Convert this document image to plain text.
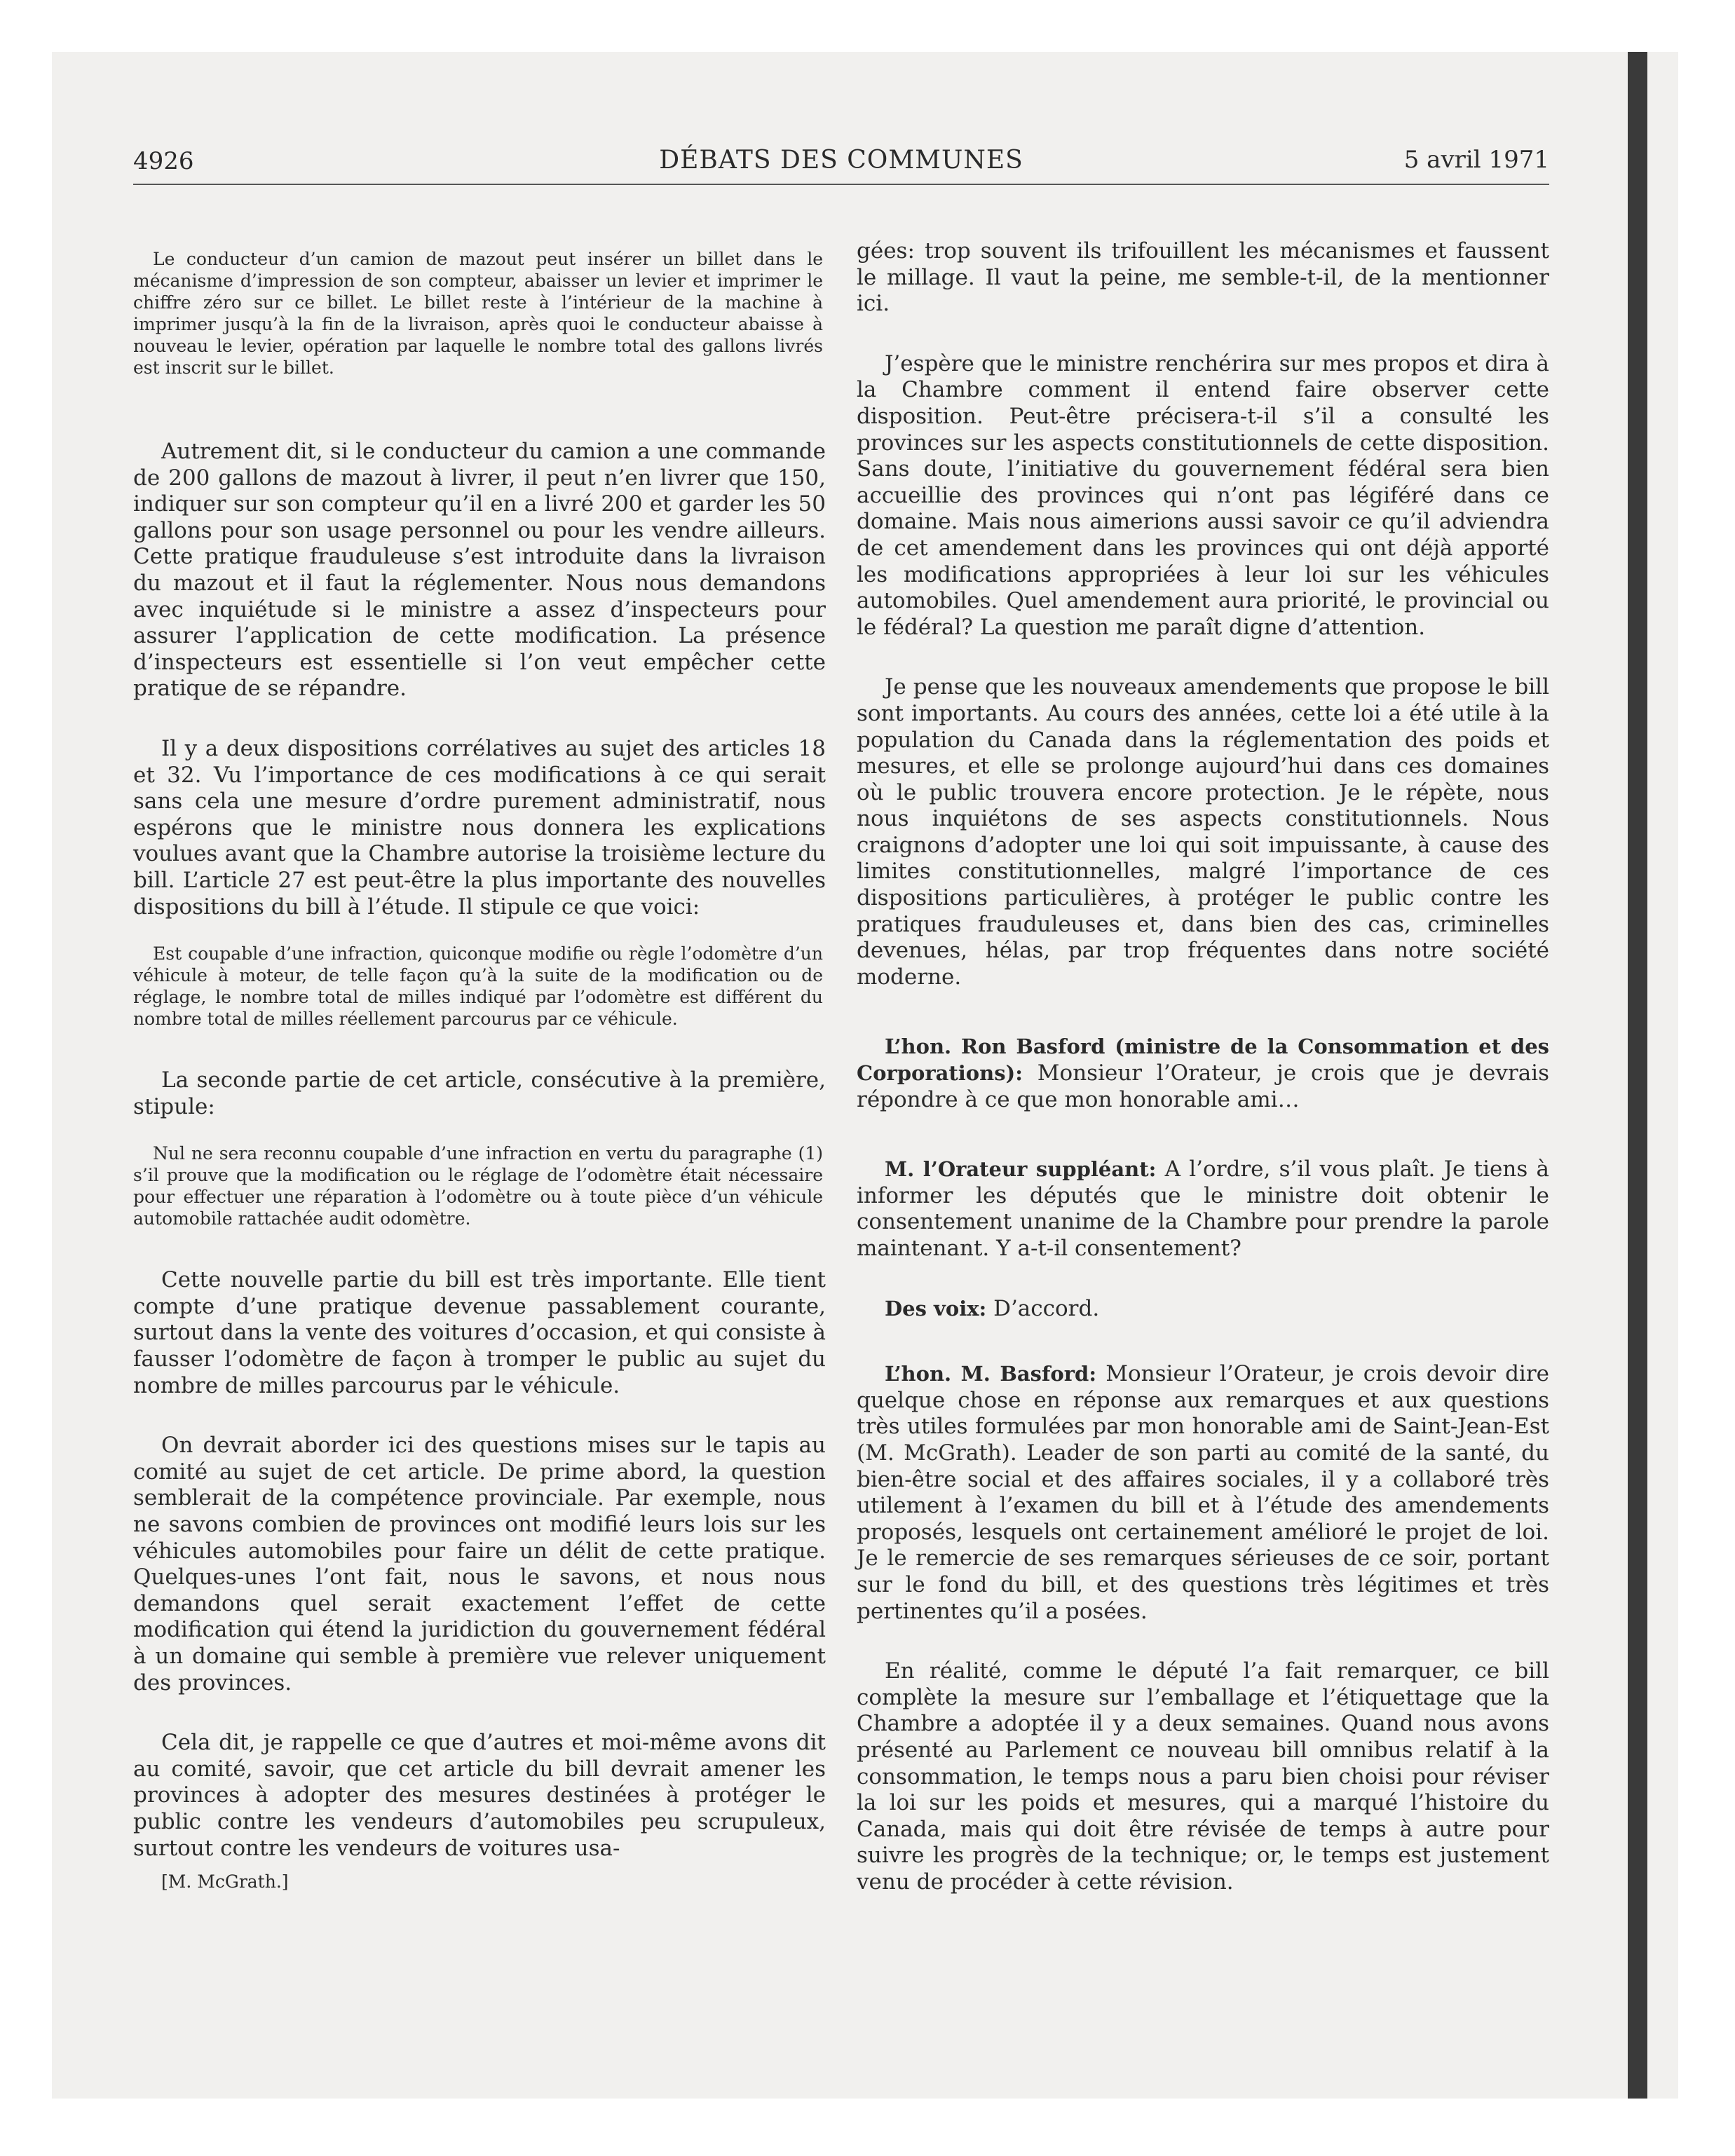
4926	DÉBATS DES COMMUNES	5 avril 1971
Le conducteur d’un camion de mazout peut insérer un billet dans le mécanisme d’impression de son compteur, abaisser un levier et imprimer le chiffre zéro sur ce billet. Le billet reste à l’intérieur de la machine à imprimer jusqu’à la fin de la livraison, après quoi le conducteur abaisse à nouveau le levier, opération par laquelle le nombre total des gallons livrés est inscrit sur le billet.

Autrement dit, si le conducteur du camion a une commande de 200 gallons de mazout à livrer, il peut n’en livrer que 150, indiquer sur son compteur qu’il en a livré 200 et garder les 50 gallons pour son usage personnel ou pour les vendre ailleurs. Cette pratique frauduleuse s’est introduite dans la livraison du mazout et il faut la réglementer. Nous nous demandons avec inquiétude si le ministre a assez d’inspecteurs pour assurer l’application de cette modification. La présence d’inspecteurs est essentielle si l’on veut empêcher cette pratique de se répandre.

Il y a deux dispositions corrélatives au sujet des articles 18 et 32. Vu l’importance de ces modifications à ce qui serait sans cela une mesure d’ordre purement administratif, nous espérons que le ministre nous donnera les explications voulues avant que la Chambre autorise la troisième lecture du bill. L’article 27 est peut-être la plus importante des nouvelles dispositions du bill à l’étude. Il stipule ce que voici:

Est coupable d’une infraction, quiconque modifie ou règle l’odomètre d’un véhicule à moteur, de telle façon qu’à la suite de la modification ou de réglage, le nombre total de milles indiqué par l’odomètre est différent du nombre total de milles réellement parcourus par ce véhicule.

La seconde partie de cet article, consécutive à la première, stipule:

Nul ne sera reconnu coupable d’une infraction en vertu du paragraphe (1) s’il prouve que la modification ou le réglage de l’odomètre était nécessaire pour effectuer une réparation à l’odomètre ou à toute pièce d’un véhicule automobile rattachée audit odomètre.

Cette nouvelle partie du bill est très importante. Elle tient compte d’une pratique devenue passablement courante, surtout dans la vente des voitures d’occasion, et qui consiste à fausser l’odomètre de façon à tromper le public au sujet du nombre de milles parcourus par le véhicule.

On devrait aborder ici des questions mises sur le tapis au comité au sujet de cet article. De prime abord, la question semblerait de la compétence provinciale. Par exemple, nous ne savons combien de provinces ont modifié leurs lois sur les véhicules automobiles pour faire un délit de cette pratique. Quelques-unes l’ont fait, nous le savons, et nous nous demandons quel serait exactement l’effet de cette modification qui étend la juridiction du gouvernement fédéral à un domaine qui semble à première vue relever uniquement des provinces.

Cela dit, je rappelle ce que d’autres et moi-même avons dit au comité, savoir, que cet article du bill devrait amener les provinces à adopter des mesures destinées à protéger le public contre les vendeurs d’automobiles peu scrupuleux, surtout contre les vendeurs de voitures usa-

[M. McGrath.]

gées: trop souvent ils trifouillent les mécanismes et faussent le millage. Il vaut la peine, me semble-t-il, de la mentionner ici.

J’espère que le ministre renchérira sur mes propos et dira à la Chambre comment il entend faire observer cette disposition. Peut-être précisera-t-il s’il a consulté les provinces sur les aspects constitutionnels de cette disposition. Sans doute, l’initiative du gouvernement fédéral sera bien accueillie des provinces qui n’ont pas légiféré dans ce domaine. Mais nous aimerions aussi savoir ce qu’il adviendra de cet amendement dans les provinces qui ont déjà apporté les modifications appropriées à leur loi sur les véhicules automobiles. Quel amendement aura priorité, le provincial ou le fédéral? La question me paraît digne d’attention.

Je pense que les nouveaux amendements que propose le bill sont importants. Au cours des années, cette loi a été utile à la population du Canada dans la réglementation des poids et mesures, et elle se prolonge aujourd’hui dans ces domaines où le public trouvera encore protection. Je le répète, nous nous inquiétons de ses aspects constitutionnels. Nous craignons d’adopter une loi qui soit impuissante, à cause des limites constitutionnelles, malgré l’importance de ces dispositions particulières, à protéger le public contre les pratiques frauduleuses et, dans bien des cas, criminelles devenues, hélas, par trop fréquentes dans notre société moderne.

L’hon. Ron Basford (ministre de la Consommation et des Corporations): Monsieur l’Orateur, je crois que je devrais répondre à ce que mon honorable ami…

M. l’Orateur suppléant: A l’ordre, s’il vous plaît. Je tiens à informer les députés que le ministre doit obtenir le consentement unanime de la Chambre pour prendre la parole maintenant. Y a-t-il consentement?

Des voix: D’accord.

L’hon. M. Basford: Monsieur l’Orateur, je crois devoir dire quelque chose en réponse aux remarques et aux questions très utiles formulées par mon honorable ami de Saint-Jean-Est (M. McGrath). Leader de son parti au comité de la santé, du bien-être social et des affaires sociales, il y a collaboré très utilement à l’examen du bill et à l’étude des amendements proposés, lesquels ont certainement amélioré le projet de loi. Je le remercie de ses remarques sérieuses de ce soir, portant sur le fond du bill, et des questions très légitimes et très pertinentes qu’il a posées.

En réalité, comme le député l’a fait remarquer, ce bill complète la mesure sur l’emballage et l’étiquettage que la Chambre a adoptée il y a deux semaines. Quand nous avons présenté au Parlement ce nouveau bill omnibus relatif à la consommation, le temps nous a paru bien choisi pour réviser la loi sur les poids et mesures, qui a marqué l’histoire du Canada, mais qui doit être révisée de temps à autre pour suivre les progrès de la technique; or, le temps est justement venu de procéder à cette révision.
